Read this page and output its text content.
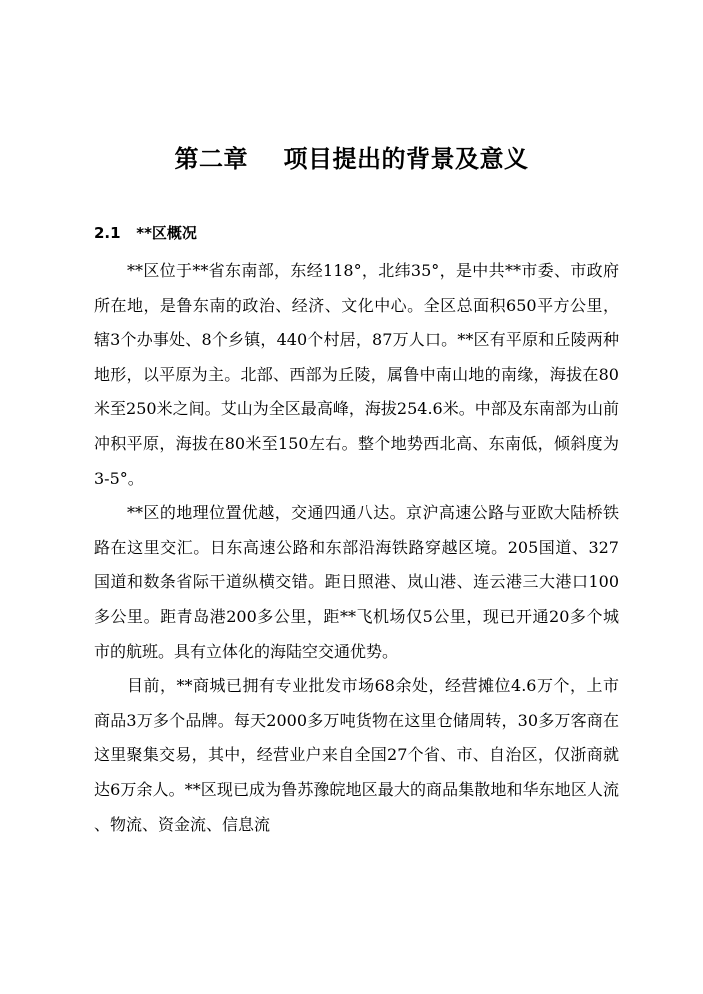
第二章    项目提出的背景及意义
2.1   **区概况

**区位于**省东南部，东经118°，北纬35°，是中共**市委、市政府所在地，是鲁东南的政治、经济、文化中心。全区总面积650平方公里，辖3个办事处、8个乡镇，440个村居，87万人口。**区有平原和丘陵两种地形，以平原为主。北部、西部为丘陵，属鲁中南山地的南缘，海拔在80米至250米之间。艾山为全区最高峰，海拔254.6米。中部及东南部为山前冲积平原，海拔在80米至150左右。整个地势西北高、东南低，倾斜度为3-5°。

**区的地理位置优越，交通四通八达。京沪高速公路与亚欧大陆桥铁路在这里交汇。日东高速公路和东部沿海铁路穿越区境。205国道、327国道和数条省际干道纵横交错。距日照港、岚山港、连云港三大港口100多公里。距青岛港200多公里，距**飞机场仅5公里，现已开通20多个城市的航班。具有立体化的海陆空交通优势。

目前，**商城已拥有专业批发市场68余处，经营摊位4.6万个，上市商品3万多个品牌。每天2000多万吨货物在这里仓储周转，30多万客商在这里聚集交易，其中，经营业户来自全国27个省、市、自治区，仅浙商就达6万余人。**区现已成为鲁苏豫皖地区最大的商品集散地和华东地区人流、物流、资金流、信息流
